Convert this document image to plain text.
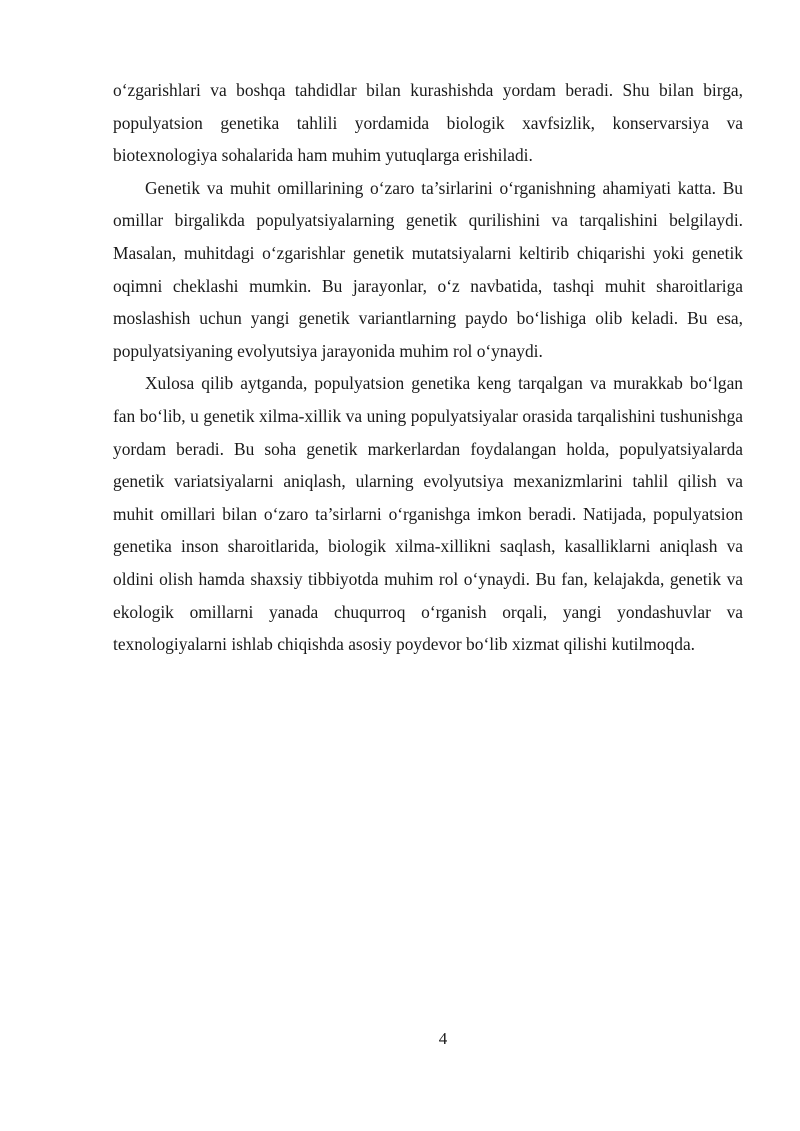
o‘zgarishlari va boshqa tahdidlar bilan kurashishda yordam beradi. Shu bilan birga, populyatsion genetika tahlili yordamida biologik xavfsizlik, konservarsiya va biotexnologiya sohalarida ham muhim yutuqlarga erishiladi.

Genetik va muhit omillarining o‘zaro ta’sirlarini o‘rganishning ahamiyati katta. Bu omillar birgalikda populyatsiyalarning genetik qurilishini va tarqalishini belgilaydi. Masalan, muhitdagi o‘zgarishlar genetik mutatsiyalarni keltirib chiqarishi yoki genetik oqimni cheklashi mumkin. Bu jarayonlar, o‘z navbatida, tashqi muhit sharoitlariga moslashish uchun yangi genetik variantlarning paydo bo‘lishiga olib keladi. Bu esa, populyatsiyaning evolyutsiya jarayonida muhim rol o‘ynaydi.

Xulosa qilib aytganda, populyatsion genetika keng tarqalgan va murakkab bo‘lgan fan bo‘lib, u genetik xilma-xillik va uning populyatsiyalar orasida tarqalishini tushunishga yordam beradi. Bu soha genetik markerlardan foydalangan holda, populyatsiyalarda genetik variatsiyalarni aniqlash, ularning evolyutsiya mexanizmlarini tahlil qilish va muhit omillari bilan o‘zaro ta’sirlarni o‘rganishga imkon beradi. Natijada, populyatsion genetika inson sharoitlarida, biologik xilma-xillikni saqlash, kasalliklarni aniqlash va oldini olish hamda shaxsiy tibbiyotda muhim rol o‘ynaydi. Bu fan, kelajakda, genetik va ekologik omillarni yanada chuqurroq o‘rganish orqali, yangi yondashuvlar va texnologiyalarni ishlab chiqishda asosiy poydevor bo‘lib xizmat qilishi kutilmoqda.

4
